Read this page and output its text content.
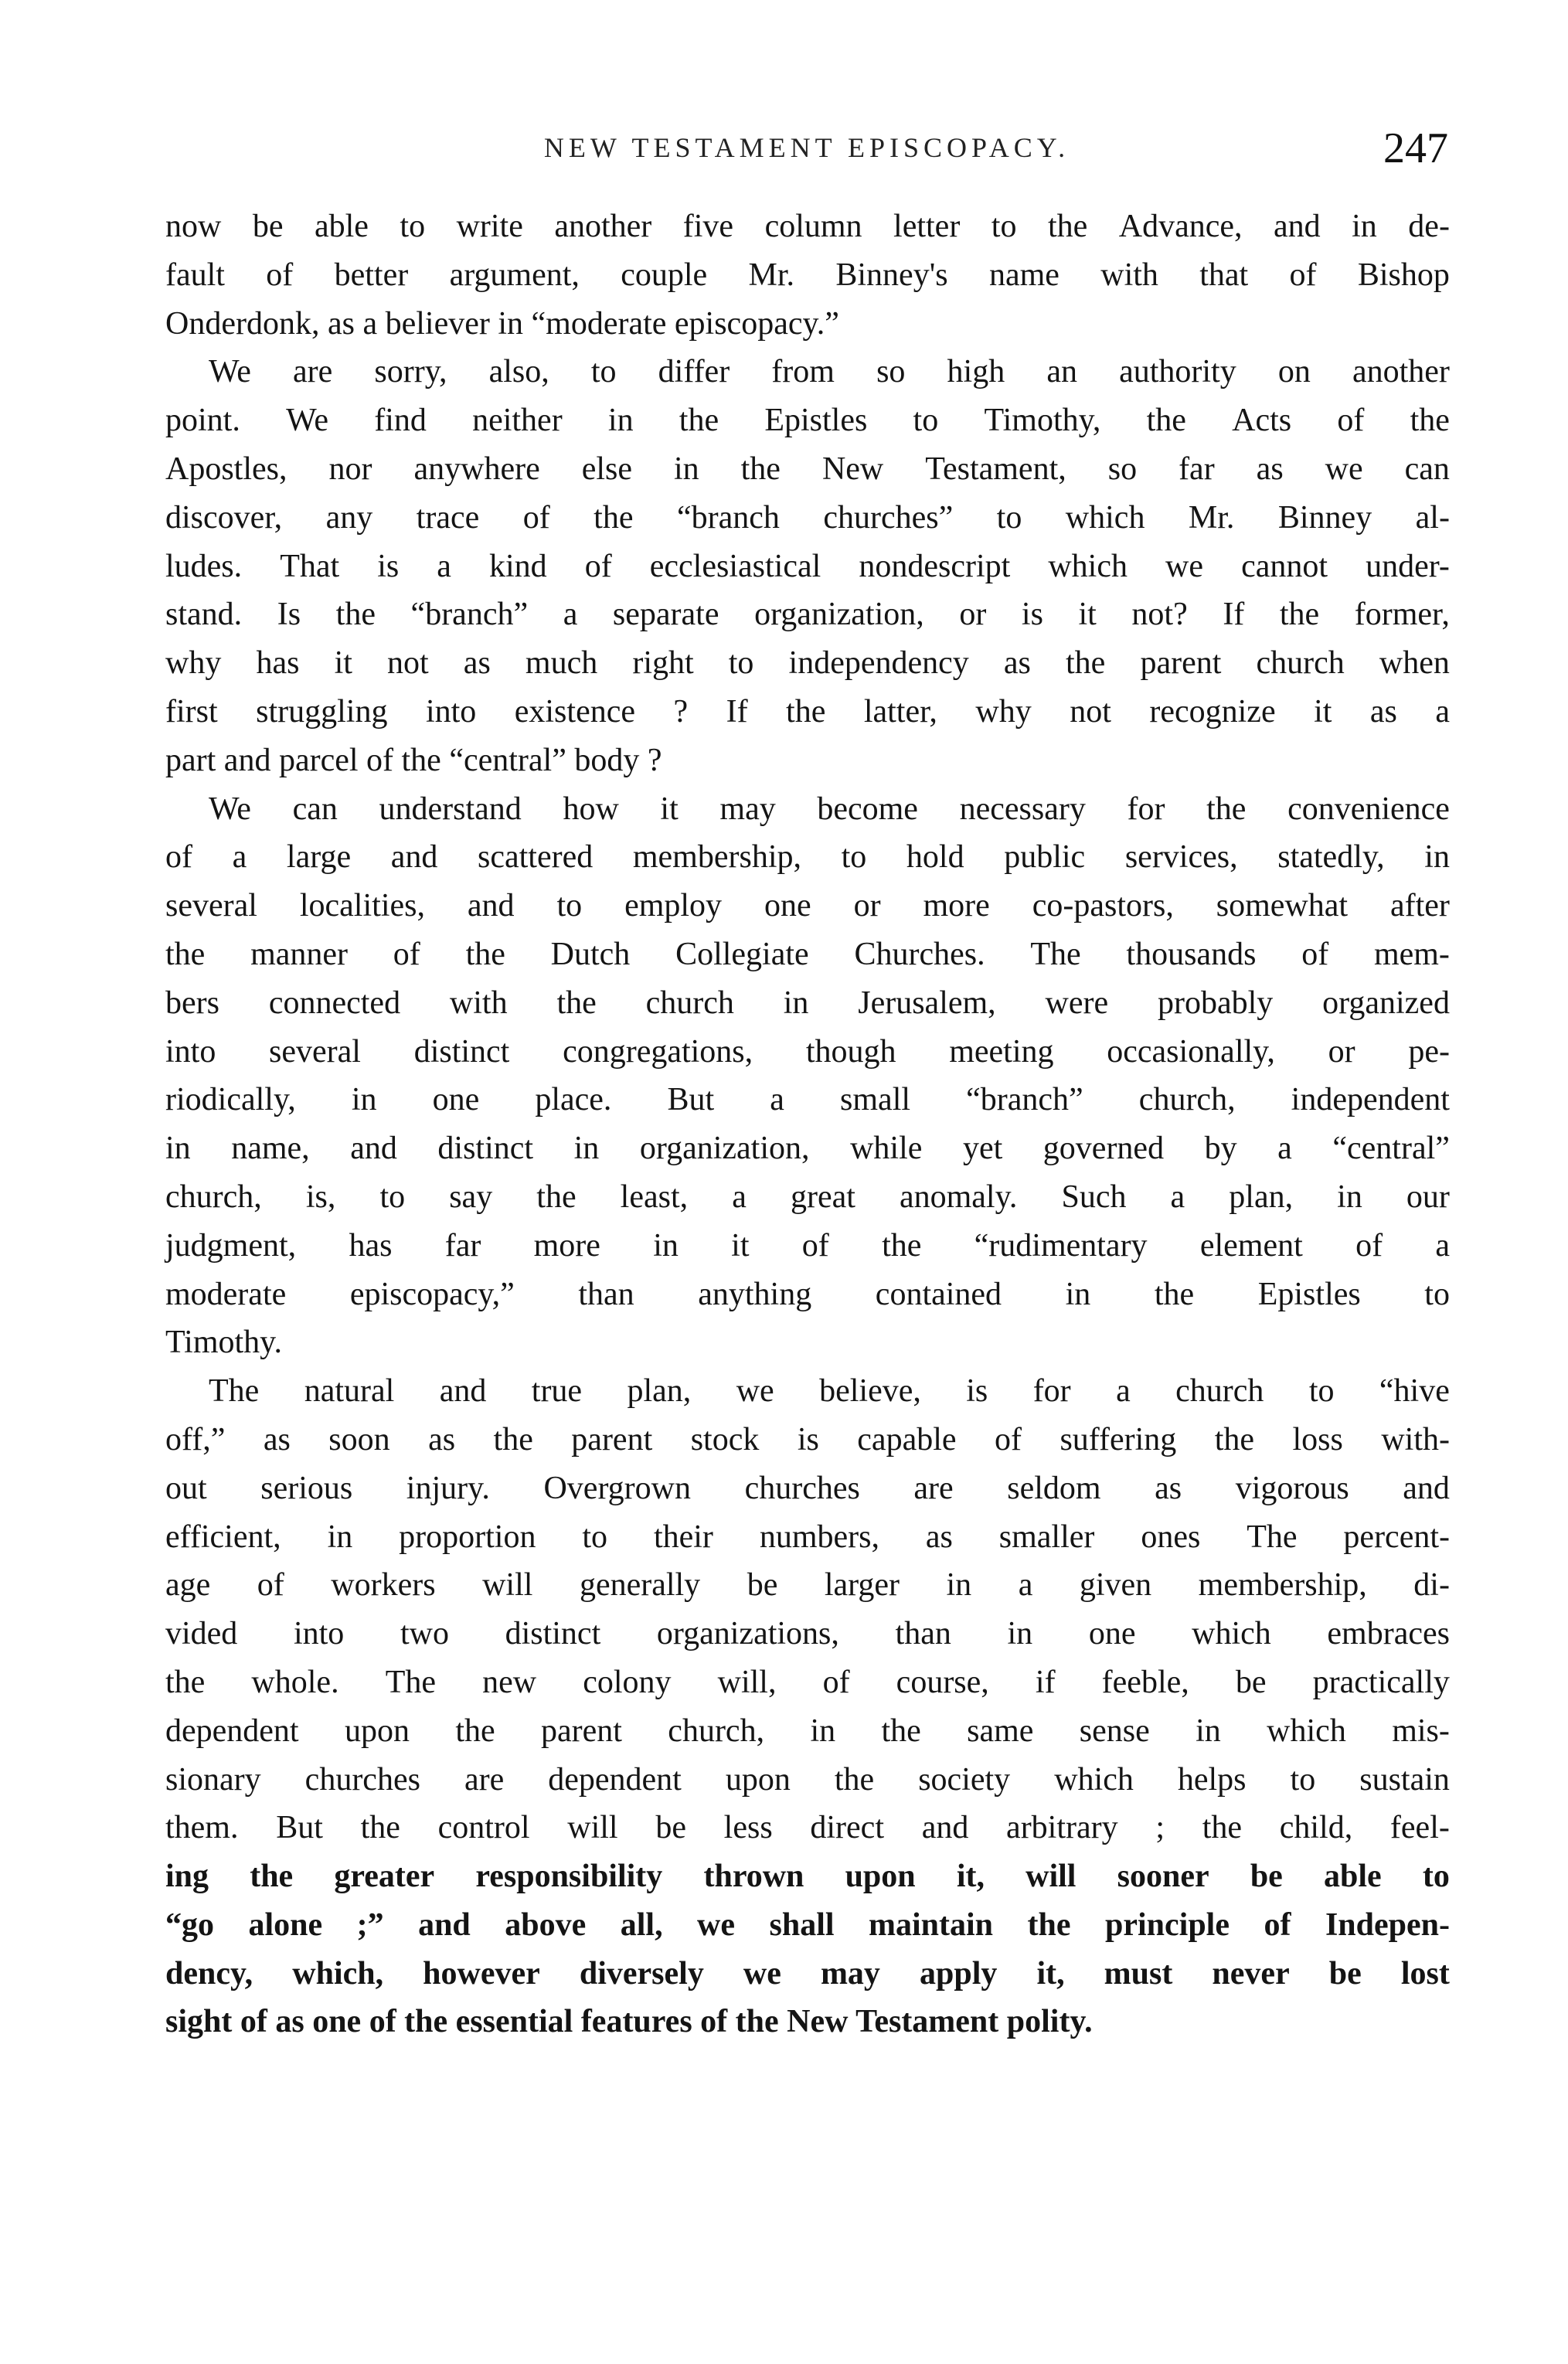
NEW TESTAMENT EPISCOPACY.	247
now be able to write another five column letter to the Advance, and in de-
fault of better argument, couple Mr. Binney's name with that of Bishop
Onderdonk, as a believer in “moderate episcopacy.”
We are sorry, also, to differ from so high an authority on another
point. We find neither in the Epistles to Timothy, the Acts of the
Apostles, nor anywhere else in the New Testament, so far as we can
discover, any trace of the “branch churches” to which Mr. Binney al-
ludes. That is a kind of ecclesiastical nondescript which we cannot under-
stand. Is the “branch” a separate organization, or is it not? If the former,
why has it not as much right to independency as the parent church when
first struggling into existence ? If the latter, why not recognize it as a
part and parcel of the “central” body ?
We can understand how it may become necessary for the convenience
of a large and scattered membership, to hold public services, statedly, in
several localities, and to employ one or more co-pastors, somewhat after
the manner of the Dutch Collegiate Churches. The thousands of mem-
bers connected with the church in Jerusalem, were probably organized
into several distinct congregations, though meeting occasionally, or pe-
riodically, in one place. But a small “branch” church, independent
in name, and distinct in organization, while yet governed by a “central”
church, is, to say the least, a great anomaly. Such a plan, in our
judgment, has far more in it of the “rudimentary element of a
moderate episcopacy,” than anything contained in the Epistles to
Timothy.
The natural and true plan, we believe, is for a church to “hive
off,” as soon as the parent stock is capable of suffering the loss with-
out serious injury. Overgrown churches are seldom as vigorous and
efficient, in proportion to their numbers, as smaller ones The percent-
age of workers will generally be larger in a given membership, di-
vided into two distinct organizations, than in one which embraces
the whole. The new colony will, of course, if feeble, be practically
dependent upon the parent church, in the same sense in which mis-
sionary churches are dependent upon the society which helps to sustain
them. But the control will be less direct and arbitrary ; the child, feel-
ing the greater responsibility thrown upon it, will sooner be able to
“go alone ;” and above all, we shall maintain the principle of Indepen-
dency, which, however diversely we may apply it, must never be lost
sight of as one of the essential features of the New Testament polity.
